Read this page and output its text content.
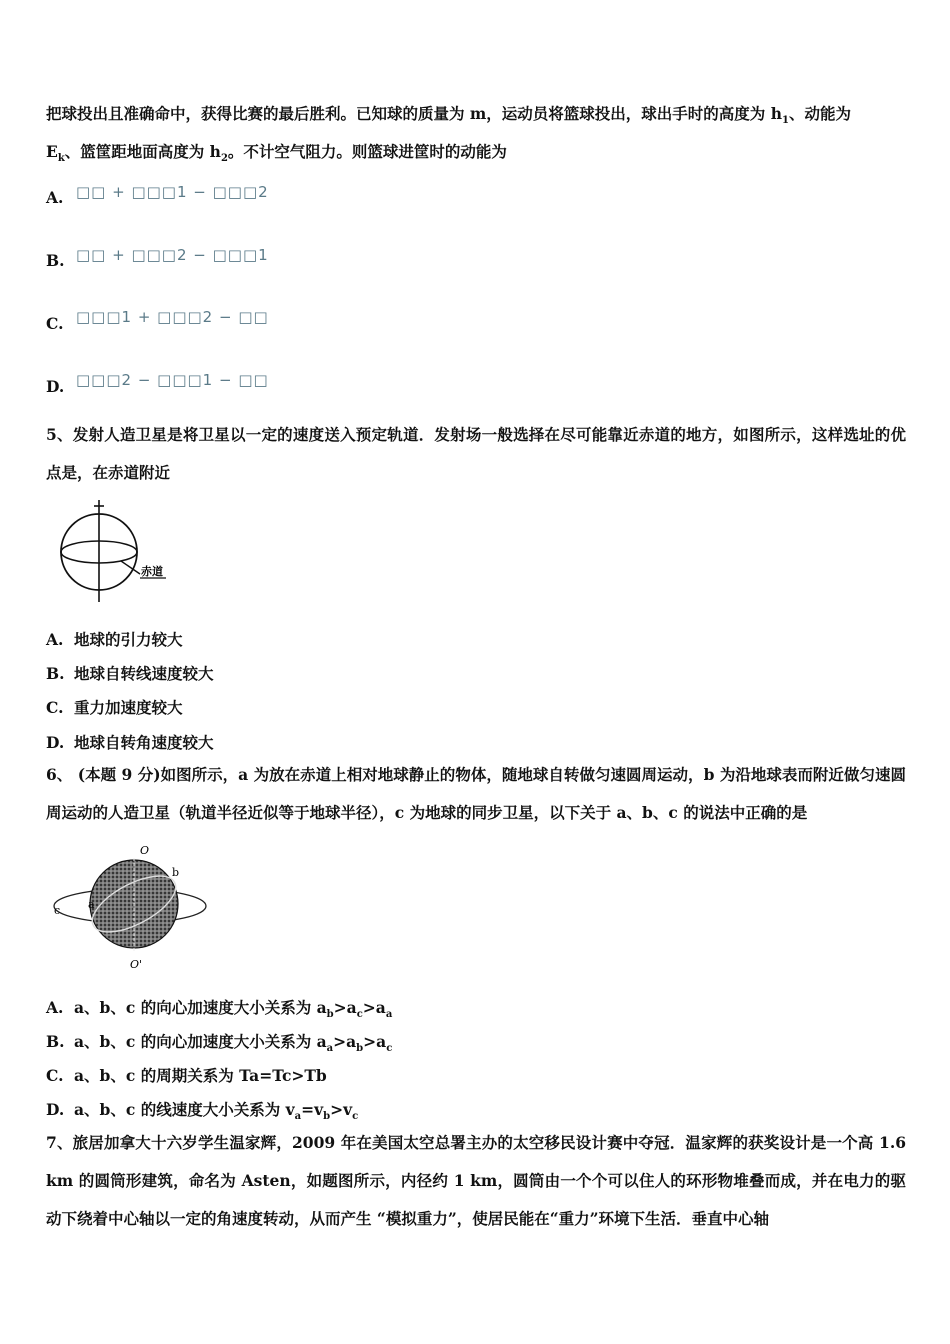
把球投出且准确命中，获得比赛的最后胜利。已知球的质量为 m，运动员将篮球投出，球出手时的高度为 $h_1$、动能为
$E_k$、篮筐距地面高度为 $h_2$。不计空气阻力。则篮球进筐时的动能为
A. □□ + □□□1 − □□□2
B. □□ + □□□2 − □□□1
C. □□□1 + □□□2 − □□
D. □□□2 − □□□1 − □□
5、发射人造卫星是将卫星以一定的速度送入预定轨道．发射场一般选择在尽可能靠近赤道的地方，如图所示，这样选址的优点是，在赤道附近
赤道
A. 地球的引力较大
B. 地球自转线速度较大
C. 重力加速度较大
D. 地球自转角速度较大
6、 (本题 9 分)如图所示，a 为放在赤道上相对地球静止的物体，随地球自转做匀速圆周运动，b 为沿地球表而附近做匀速圆周运动的人造卫星（轨道半径近似等于地球半径），c 为地球的同步卫星，以下关于 a、b、c 的说法中正确的是
O
O'
b
a
c
A. a、b、c 的向心加速度大小关系为 $a_b>a_c>a_a$
B. a、b、c 的向心加速度大小关系为 $a_a>a_b>a_c$
C. a、b、c 的周期关系为 Ta=Tc>Tb
D. a、b、c 的线速度大小关系为 $v_a=v_b>v_c$
7、旅居加拿大十六岁学生温家辉，2009 年在美国太空总署主办的太空移民设计赛中夺冠．温家辉的获奖设计是一个高 1.6 km 的圆筒形建筑，命名为 Asten，如题图所示，内径约 1 km，圆筒由一个个可以住人的环形物堆叠而成，并在电力的驱动下绕着中心轴以一定的角速度转动，从而产生 “模拟重力”，使居民能在“重力”环境下生活．垂直中心轴
